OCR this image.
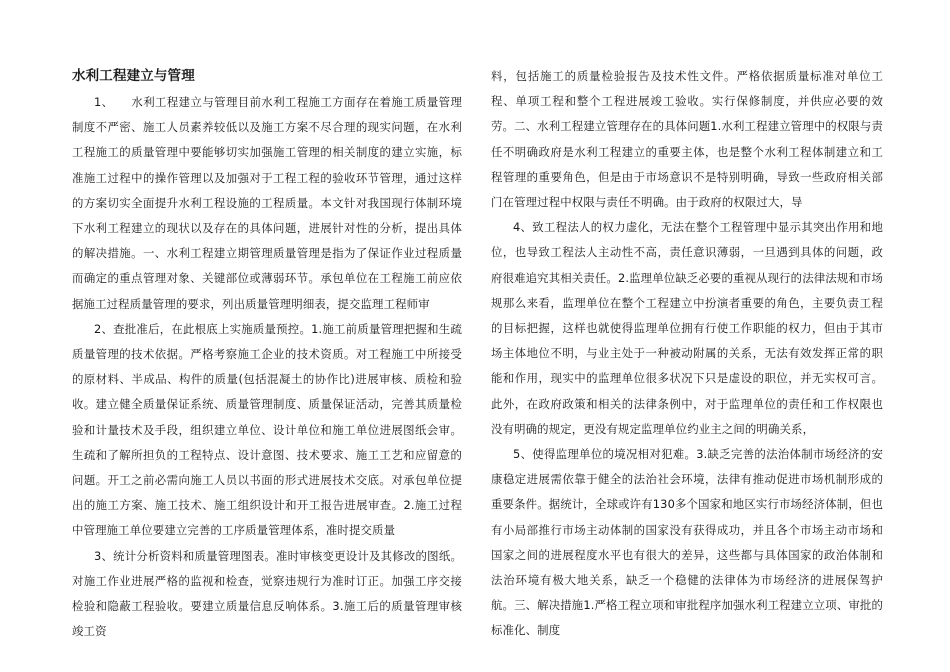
水利工程建立与管理

1、　　水利工程建立与管理目前水利工程施工方面存在着施工质量管理制度不严密、施工人员素养较低以及施工方案不尽合理的现实问题，在水利工程施工的质量管理中要能够切实加强施工管理的相关制度的建立实施，标准施工过程中的操作管理以及加强对于工程工程的验收环节管理，通过这样的方案切实全面提升水利工程设施的工程质量。本文针对我国现行体制环境下水利工程建立的现状以及存在的具体问题，进展针对性的分析，提出具体的解决措施。一、水利工程建立期管理质量管理是指为了保证作业过程质量而确定的重点管理对象、关键部位或薄弱环节。承包单位在工程施工前应依据施工过程质量管理的要求，列出质量管理明细表，提交监理工程师审

2、查批准后，在此根底上实施质量预控。1.施工前质量管理把握和生疏质量管理的技术依据。严格考察施工企业的技术资质。对工程施工中所接受的原材料、半成品、构件的质量(包括混凝土的协作比)进展审核、质检和验收。建立健全质量保证系统、质量管理制度、质量保证活动，完善其质量检验和计量技术及手段，组织建立单位、设计单位和施工单位进展图纸会审。生疏和了解所担负的工程特点、设计意图、技术要求、施工工艺和应留意的问题。开工之前必需向施工人员以书面的形式进展技术交底。对承包单位提出的施工方案、施工技术、施工组织设计和开工报告进展审查。2.施工过程中管理施工单位要建立完善的工序质量管理体系，准时提交质量

3、统计分析资料和质量管理图表。准时审核变更设计及其修改的图纸。对施工作业进展严格的监视和检查，觉察违规行为准时订正。加强工序交接检验和隐蔽工程验收。要建立质量信息反响体系。3.施工后的质量管理审核竣工资

料，包括施工的质量检验报告及技术性文件。严格依据质量标准对单位工程、单项工程和整个工程进展竣工验收。实行保修制度，并供应必要的效劳。二、水利工程建立管理存在的具体问题1.水利工程建立管理中的权限与责任不明确政府是水利工程建立的重要主体，也是整个水利工程体制建立和工程管理的重要角色，但是由于市场意识不是特别明确，导致一些政府相关部门在管理过程中权限与责任不明确。由于政府的权限过大，导

4、致工程法人的权力虚化，无法在整个工程管理中显示其突出作用和地位，也导致工程法人主动性不高，责任意识薄弱，一旦遇到具体的问题，政府很难追究其相关责任。2.监理单位缺乏必要的重视从现行的法律法规和市场规那么来看，监理单位在整个工程建立中扮演者重要的角色，主要负责工程的目标把握，这样也就使得监理单位拥有行使工作职能的权力，但由于其市场主体地位不明，与业主处于一种被动附属的关系，无法有效发挥正常的职能和作用，现实中的监理单位很多状况下只是虚设的职位，并无实权可言。此外，在政府政策和相关的法律条例中，对于监理单位的责任和工作权限也没有明确的规定，更没有规定监理单位约业主之间的明确关系，

5、使得监理单位的境况相对犯难。3.缺乏完善的法治体制市场经济的安康稳定进展需依靠于健全的法治社会环境，法律有推动促进市场机制形成的重要条件。据统计，全球或许有130多个国家和地区实行市场经济体制，但也有小局部推行市场主动体制的国家没有获得成功，并且各个市场主动市场和国家之间的进展程度水平也有很大的差异，这些都与具体国家的政治体制和法治环境有极大地关系，缺乏一个稳健的法律体为市场经济的进展保驾护航。三、解决措施1.严格工程立项和审批程序加强水利工程建立立项、审批的标准化、制度
